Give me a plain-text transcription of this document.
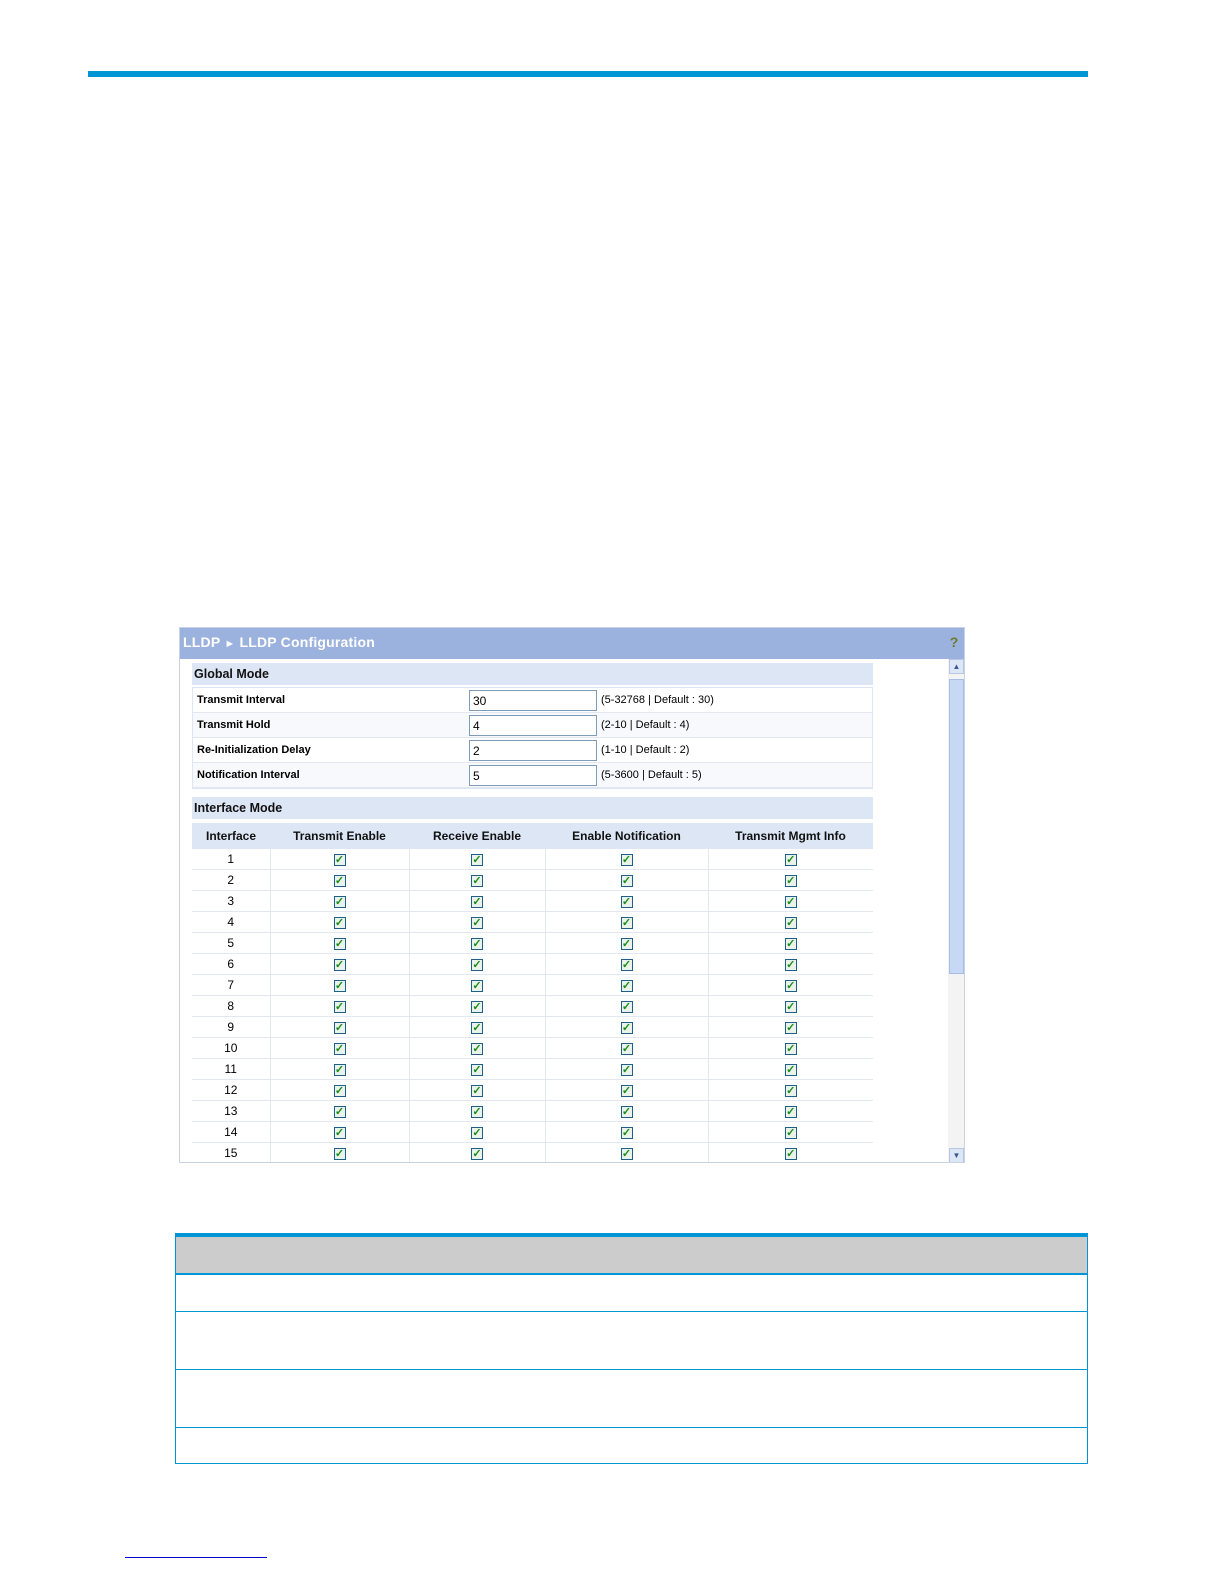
LLDP ► LLDP Configuration	?
Global Mode
Transmit Interval
30	(5-32768 | Default : 30)
Transmit Hold
4	(2-10 | Default : 4)
Re-Initialization Delay
2	(1-10 | Default : 2)
Notification Interval
5	(5-3600 | Default : 5)
Interface Mode
Interface	Transmit Enable	Receive Enable	Enable Notification	Transmit Mgmt Info
1	✓	✓	✓	✓
2	✓	✓	✓	✓
3	✓	✓	✓	✓
4	✓	✓	✓	✓
5	✓	✓	✓	✓
6	✓	✓	✓	✓
7	✓	✓	✓	✓
8	✓	✓	✓	✓
9	✓	✓	✓	✓
10	✓	✓	✓	✓
11	✓	✓	✓	✓
12	✓	✓	✓	✓
13	✓	✓	✓	✓
14	✓	✓	✓	✓
15	✓	✓	✓	✓
▲
▼
